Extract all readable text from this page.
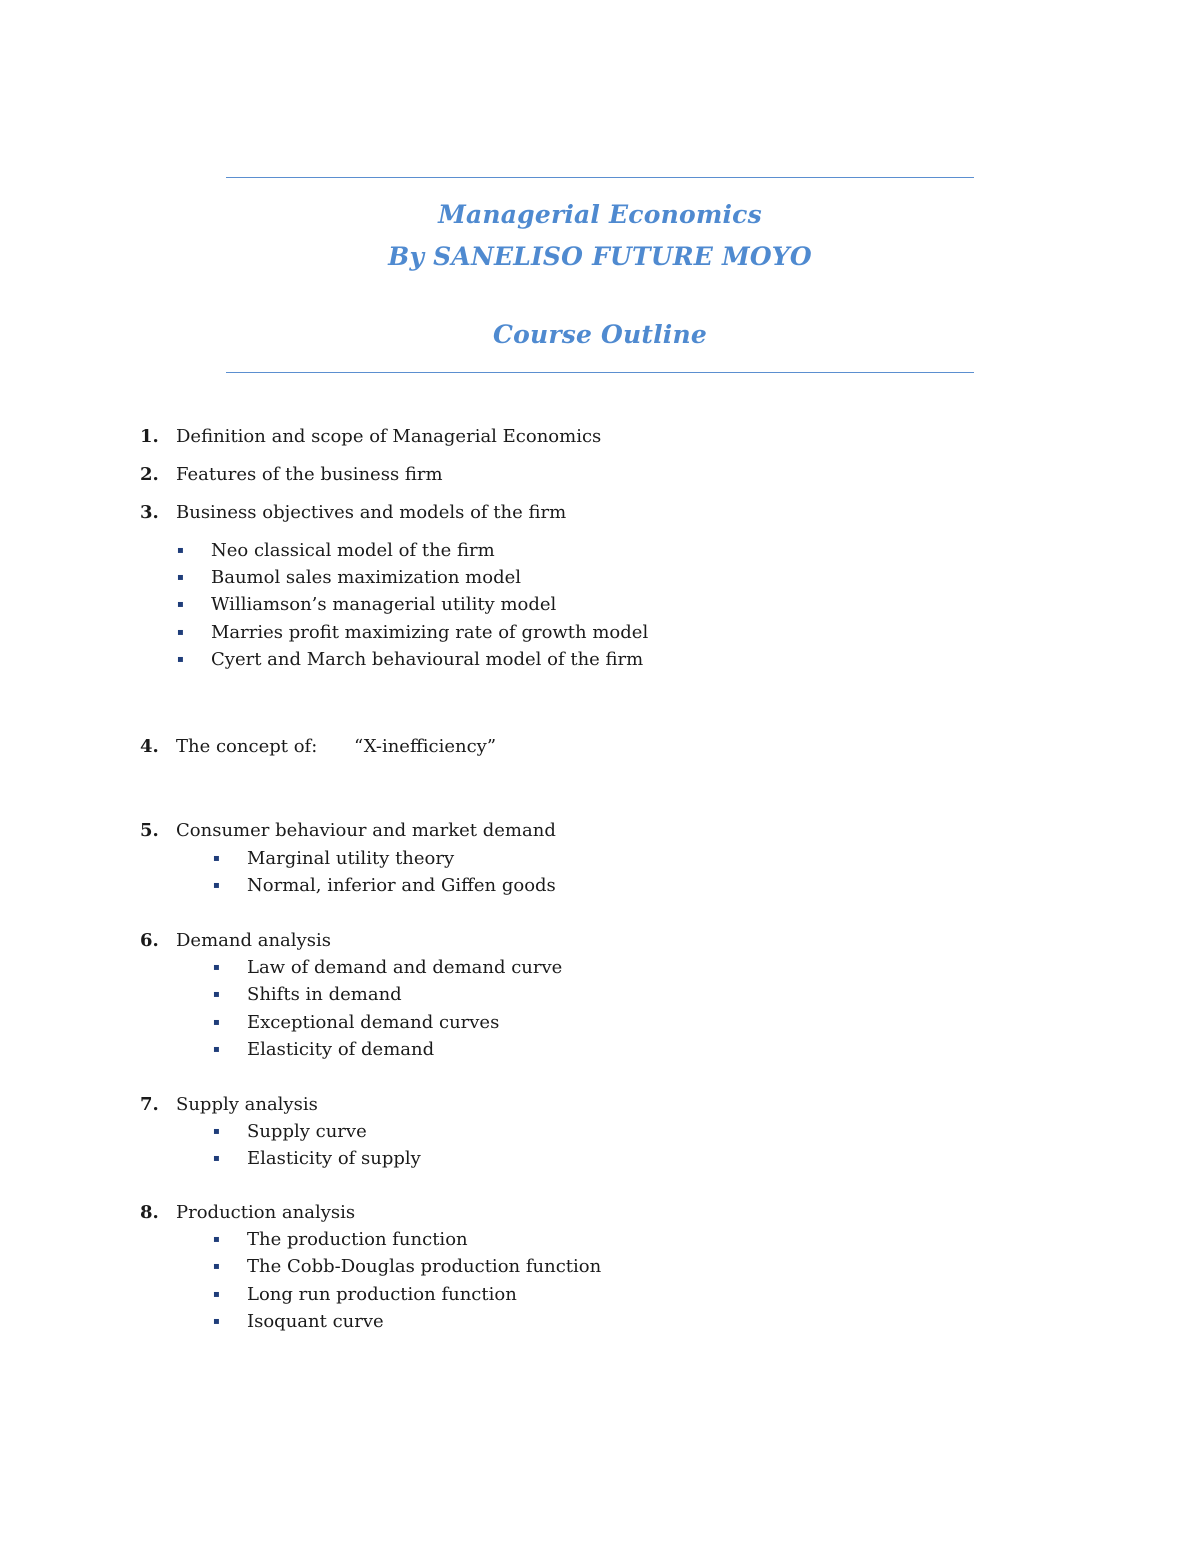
Managerial Economics
By SANELISO FUTURE MOYO
Course Outline
1. Definition and scope of Managerial Economics
2. Features of the business firm
3. Business objectives and models of the firm
▪ Neo classical model of the firm
▪ Baumol sales maximization model
▪ Williamson’s managerial utility model
▪ Marries profit maximizing rate of growth model
▪ Cyert and March behavioural model of the firm
4. The concept of: “X-inefficiency”
5. Consumer behaviour and market demand
▪ Marginal utility theory
▪ Normal, inferior and Giffen goods
6. Demand analysis
▪ Law of demand and demand curve
▪ Shifts in demand
▪ Exceptional demand curves
▪ Elasticity of demand
7. Supply analysis
▪ Supply curve
▪ Elasticity of supply
8. Production analysis
▪ The production function
▪ The Cobb-Douglas production function
▪ Long run production function
▪ Isoquant curve
